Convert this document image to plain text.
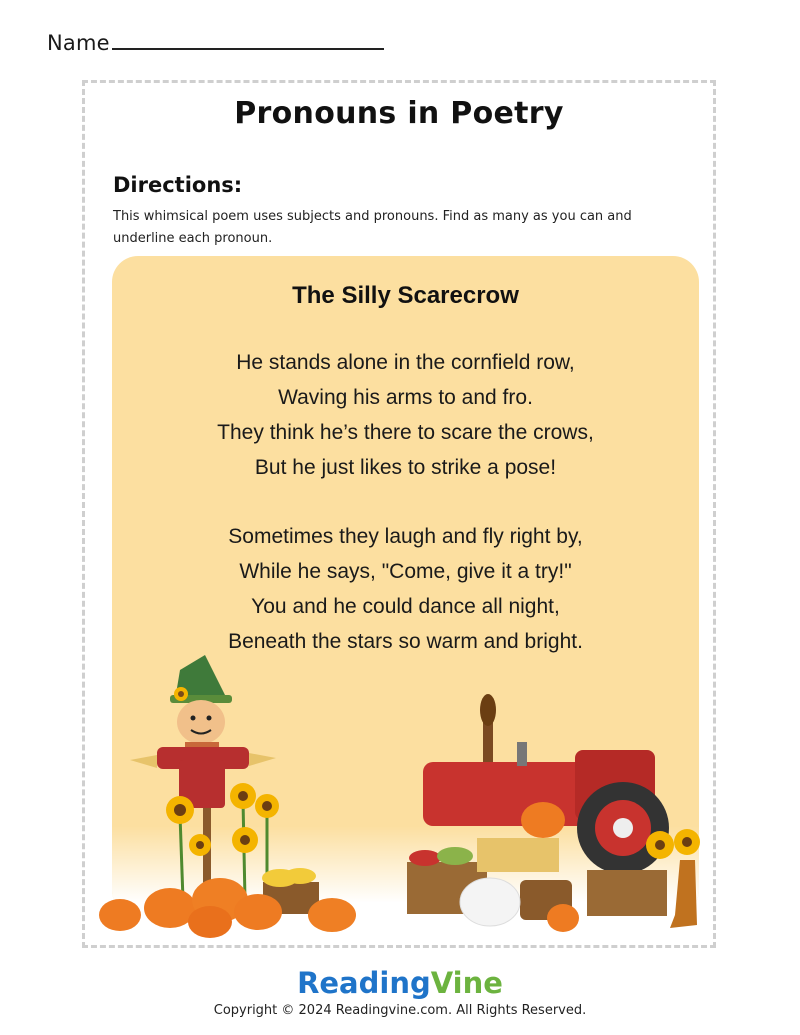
Name
Pronouns in Poetry
Directions:
This whimsical poem uses subjects and pronouns. Find as many as you can and underline each pronoun.
The Silly Scarecrow
He stands alone in the cornfield row,
Waving his arms to and fro.
They think he’s there to scare the crows,
But he just likes to strike a pose!
Sometimes they laugh and fly right by,
While he says, "Come, give it a try!"
You and he could dance all night,
Beneath the stars so warm and bright.
ReadingVine
Copyright © 2024 Readingvine.com. All Rights Reserved.
